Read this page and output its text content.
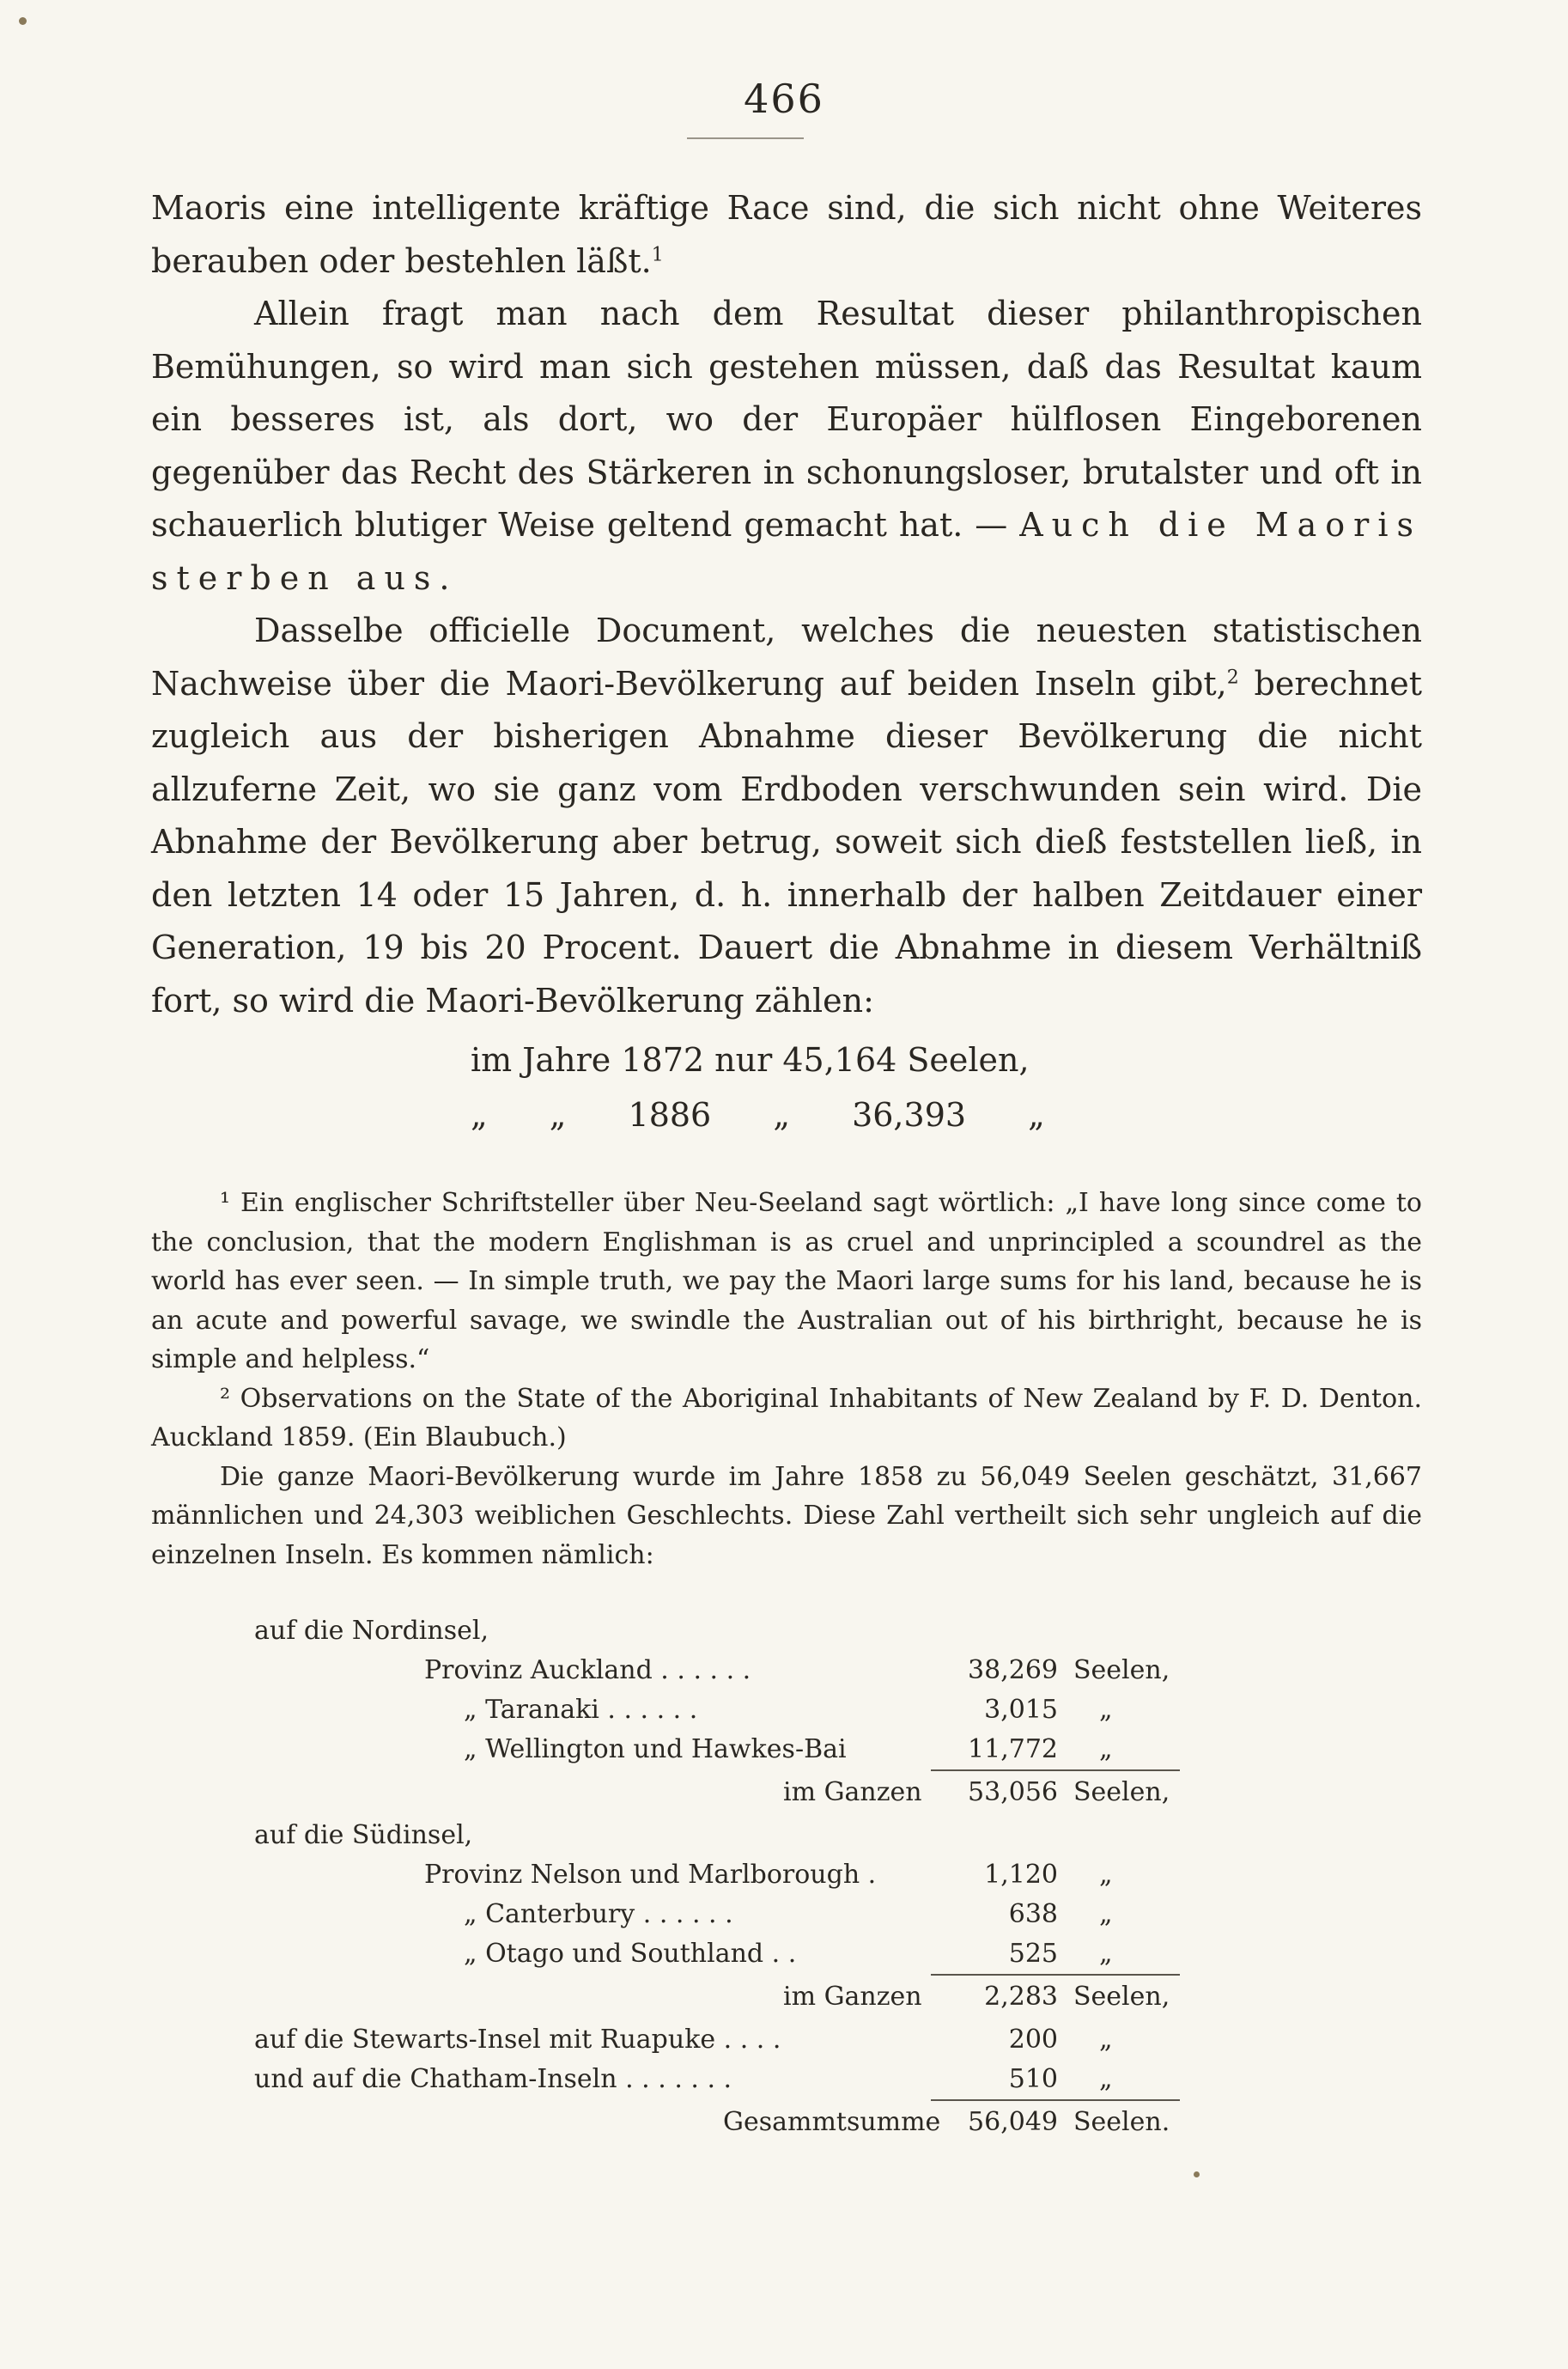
466

Maoris eine intelligente kräftige Race sind, die sich nicht ohne Weiteres berauben oder bestehlen läßt.$^1$

Allein fragt man nach dem Resultat dieser philanthropischen Bemühungen, so wird man sich gestehen müssen, daß das Resultat kaum ein besseres ist, als dort, wo der Europäer hülflosen Eingeborenen gegenüber das Recht des Stärkeren in schonungsloser, brutalster und oft in schauerlich blutiger Weise geltend gemacht hat. — Auch die Maoris sterben aus.

Dasselbe officielle Document, welches die neuesten statistischen Nachweise über die Maori-Bevölkerung auf beiden Inseln gibt,$^2$ berechnet zugleich aus der bisherigen Abnahme dieser Bevölkerung die nicht allzuferne Zeit, wo sie ganz vom Erdboden verschwunden sein wird. Die Abnahme der Bevölkerung aber betrug, soweit sich dieß feststellen ließ, in den letzten 14 oder 15 Jahren, d. h. innerhalb der halben Zeitdauer einer Generation, 19 bis 20 Procent. Dauert die Abnahme in diesem Verhältniß fort, so wird die Maori-Bevölkerung zählen:

im Jahre 1872 nur 45,164 Seelen,
„ „ 1886 „ 36,393 „

¹ Ein englischer Schriftsteller über Neu-Seeland sagt wörtlich: „I have long since come to the conclusion, that the modern Englishman is as cruel and unprincipled a scoundrel as the world has ever seen. — In simple truth, we pay the Maori large sums for his land, because he is an acute and powerful savage, we swindle the Australian out of his birthright, because he is simple and helpless.“

² Observations on the State of the Aboriginal Inhabitants of New Zealand by F. D. Denton. Auckland 1859. (Ein Blaubuch.)

Die ganze Maori-Bevölkerung wurde im Jahre 1858 zu 56,049 Seelen geschätzt, 31,667 männlichen und 24,303 weiblichen Geschlechts. Diese Zahl vertheilt sich sehr ungleich auf die einzelnen Inseln. Es kommen nämlich:

auf die Nordinsel,
Provinz Auckland . . . . . .	38,269 Seelen,
„ Taranaki . . . . . .	3,015 „
„ Wellington und Hawkes-Bai	11,772 „
im Ganzen	53,056 Seelen,
auf die Südinsel,
Provinz Nelson und Marlborough .	1,120 „
„ Canterbury . . . . . .	638 „
„ Otago und Southland . .	525 „
im Ganzen	2,283 Seelen,
auf die Stewarts-Insel mit Ruapuke . . . .	200 „
und auf die Chatham-Inseln . . . . . . .	510 „
Gesammtsumme	56,049 Seelen.
